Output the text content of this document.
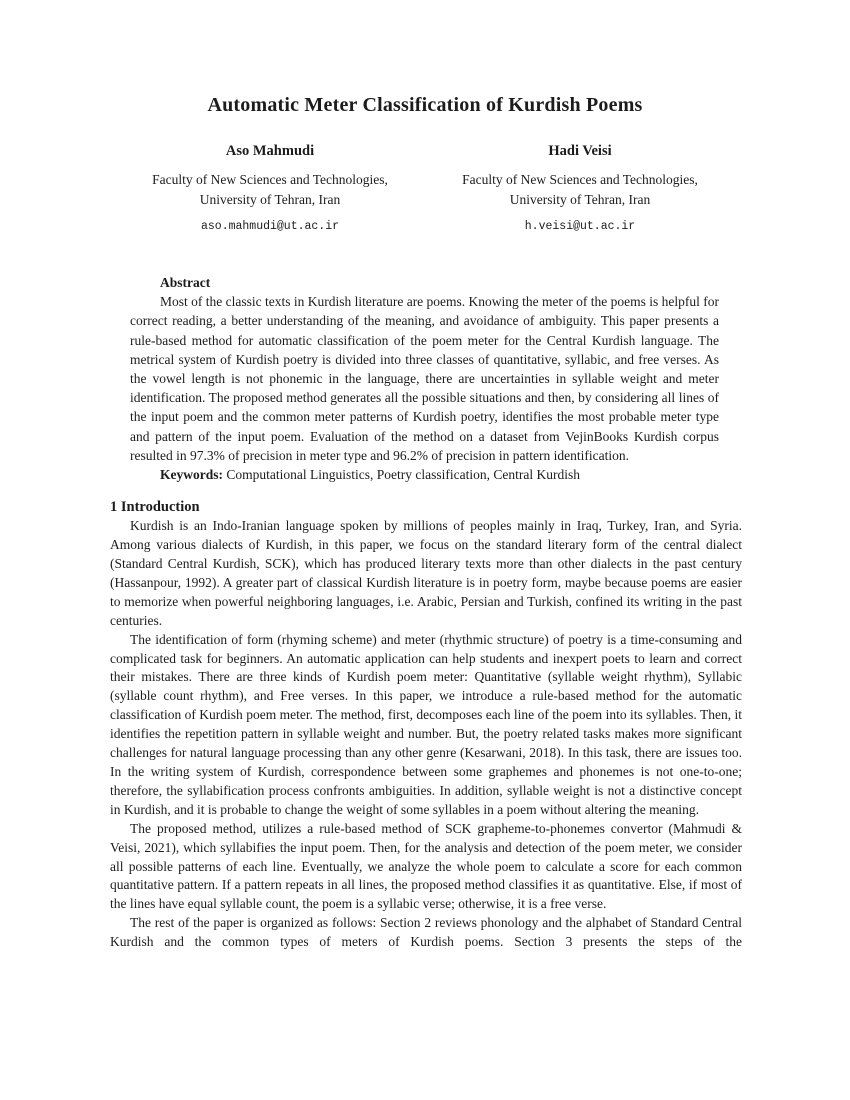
Automatic Meter Classification of Kurdish Poems
Aso Mahmudi
Faculty of New Sciences and Technologies,
University of Tehran, Iran
aso.mahmudi@ut.ac.ir
Hadi Veisi
Faculty of New Sciences and Technologies,
University of Tehran, Iran
h.veisi@ut.ac.ir
Abstract

Most of the classic texts in Kurdish literature are poems. Knowing the meter of the poems is helpful for correct reading, a better understanding of the meaning, and avoidance of ambiguity. This paper presents a rule-based method for automatic classification of the poem meter for the Central Kurdish language. The metrical system of Kurdish poetry is divided into three classes of quantitative, syllabic, and free verses. As the vowel length is not phonemic in the language, there are uncertainties in syllable weight and meter identification. The proposed method generates all the possible situations and then, by considering all lines of the input poem and the common meter patterns of Kurdish poetry, identifies the most probable meter type and pattern of the input poem. Evaluation of the method on a dataset from VejinBooks Kurdish corpus resulted in 97.3% of precision in meter type and 96.2% of precision in pattern identification.

Keywords: Computational Linguistics, Poetry classification, Central Kurdish

1 Introduction

Kurdish is an Indo-Iranian language spoken by millions of peoples mainly in Iraq, Turkey, Iran, and Syria. Among various dialects of Kurdish, in this paper, we focus on the standard literary form of the central dialect (Standard Central Kurdish, SCK), which has produced literary texts more than other dialects in the past century (Hassanpour, 1992). A greater part of classical Kurdish literature is in poetry form, maybe because poems are easier to memorize when powerful neighboring languages, i.e. Arabic, Persian and Turkish, confined its writing in the past centuries.

The identification of form (rhyming scheme) and meter (rhythmic structure) of poetry is a time-consuming and complicated task for beginners. An automatic application can help students and inexpert poets to learn and correct their mistakes. There are three kinds of Kurdish poem meter: Quantitative (syllable weight rhythm), Syllabic (syllable count rhythm), and Free verses. In this paper, we introduce a rule-based method for the automatic classification of Kurdish poem meter. The method, first, decomposes each line of the poem into its syllables. Then, it identifies the repetition pattern in syllable weight and number. But, the poetry related tasks makes more significant challenges for natural language processing than any other genre (Kesarwani, 2018). In this task, there are issues too. In the writing system of Kurdish, correspondence between some graphemes and phonemes is not one-to-one; therefore, the syllabification process confronts ambiguities. In addition, syllable weight is not a distinctive concept in Kurdish, and it is probable to change the weight of some syllables in a poem without altering the meaning.

The proposed method, utilizes a rule-based method of SCK grapheme-to-phonemes convertor (Mahmudi & Veisi, 2021), which syllabifies the input poem. Then, for the analysis and detection of the poem meter, we consider all possible patterns of each line. Eventually, we analyze the whole poem to calculate a score for each common quantitative pattern. If a pattern repeats in all lines, the proposed method classifies it as quantitative. Else, if most of the lines have equal syllable count, the poem is a syllabic verse; otherwise, it is a free verse.

The rest of the paper is organized as follows: Section 2 reviews phonology and the alphabet of Standard Central Kurdish and the common types of meters of Kurdish poems. Section 3 presents the steps of the
